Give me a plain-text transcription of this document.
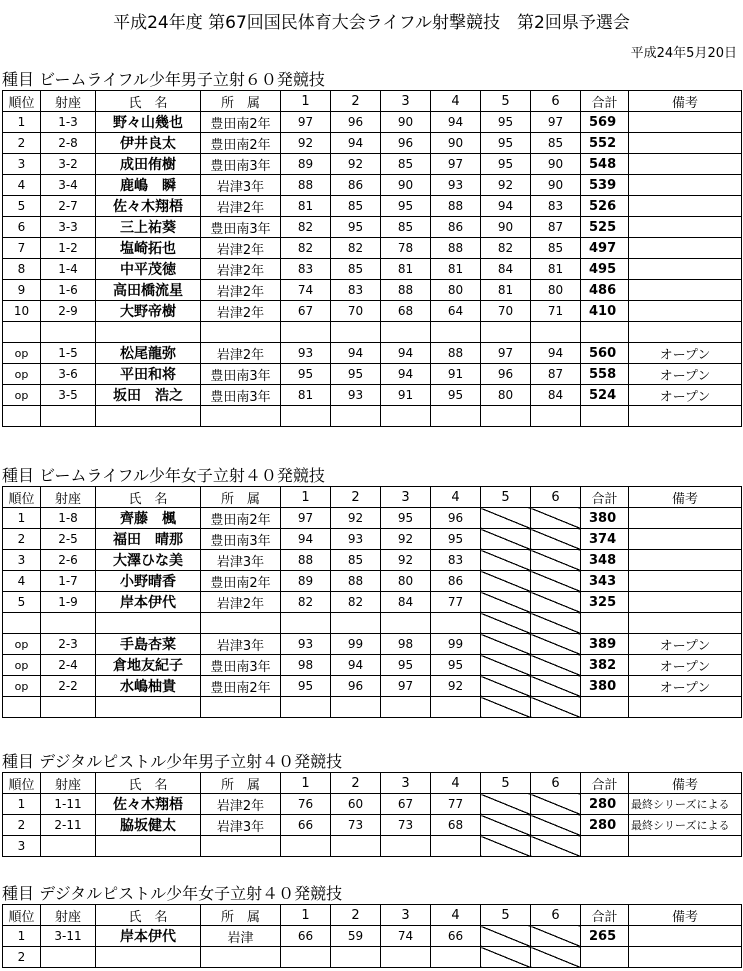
平成24年度 第67回国民体育大会ライフル射撃競技　第2回県予選会
平成24年5月20日
種目 ビームライフル少年男子立射６０発競技
順位	射座	氏　名	所　属	1	2	3	4	5	6	合計	備考
1	1-3	野々山幾也	豊田南2年	97	96	90	94	95	97	569	
2	2-8	伊井良太	豊田南2年	92	94	96	90	95	85	552	
3	3-2	成田侑樹	豊田南3年	89	92	85	97	95	90	548	
4	3-4	鹿嶋　瞬	岩津3年	88	86	90	93	92	90	539	
5	2-7	佐々木翔梧	岩津2年	81	85	95	88	94	83	526	
6	3-3	三上祐葵	豊田南3年	82	95	85	86	90	87	525	
7	1-2	塩崎拓也	岩津2年	82	82	78	88	82	85	497	
8	1-4	中平茂徳	岩津2年	83	85	81	81	84	81	495	
9	1-6	高田橋流星	岩津2年	74	83	88	80	81	80	486	
10	2-9	大野帝樹	岩津2年	67	70	68	64	70	71	410	

op	1-5	松尾龍弥	岩津2年	93	94	94	88	97	94	560	オープン
op	3-6	平田和将	豊田南3年	95	95	94	91	96	87	558	オープン
op	3-5	坂田　浩之	豊田南3年	81	93	91	95	80	84	524	オープン

種目 ビームライフル少年女子立射４０発競技
順位	射座	氏　名	所　属	1	2	3	4	5	6	合計	備考
1	1-8	齊藤　楓	豊田南2年	97	92	95	96			380	
2	2-5	福田　晴那	豊田南3年	94	93	92	95			374	
3	2-6	大澤ひな美	岩津3年	88	85	92	83			348	
4	1-7	小野晴香	豊田南2年	89	88	80	86			343	
5	1-9	岸本伊代	岩津2年	82	82	84	77			325	

op	2-3	手島杏菜	岩津3年	93	99	98	99			389	オープン
op	2-4	倉地友紀子	豊田南3年	98	94	95	95			382	オープン
op	2-2	水嶋柚貴	豊田南2年	95	96	97	92			380	オープン

種目 デジタルピストル少年男子立射４０発競技
順位	射座	氏　名	所　属	1	2	3	4	5	6	合計	備考
1	1-11	佐々木翔梧	岩津2年	76	60	67	77			280	最終シリーズによる
2	2-11	脇坂健太	岩津3年	66	73	73	68			280	最終シリーズによる
3											
種目 デジタルピストル少年女子立射４０発競技
順位	射座	氏　名	所　属	1	2	3	4	5	6	合計	備考
1	3-11	岸本伊代	岩津	66	59	74	66			265	
2											
